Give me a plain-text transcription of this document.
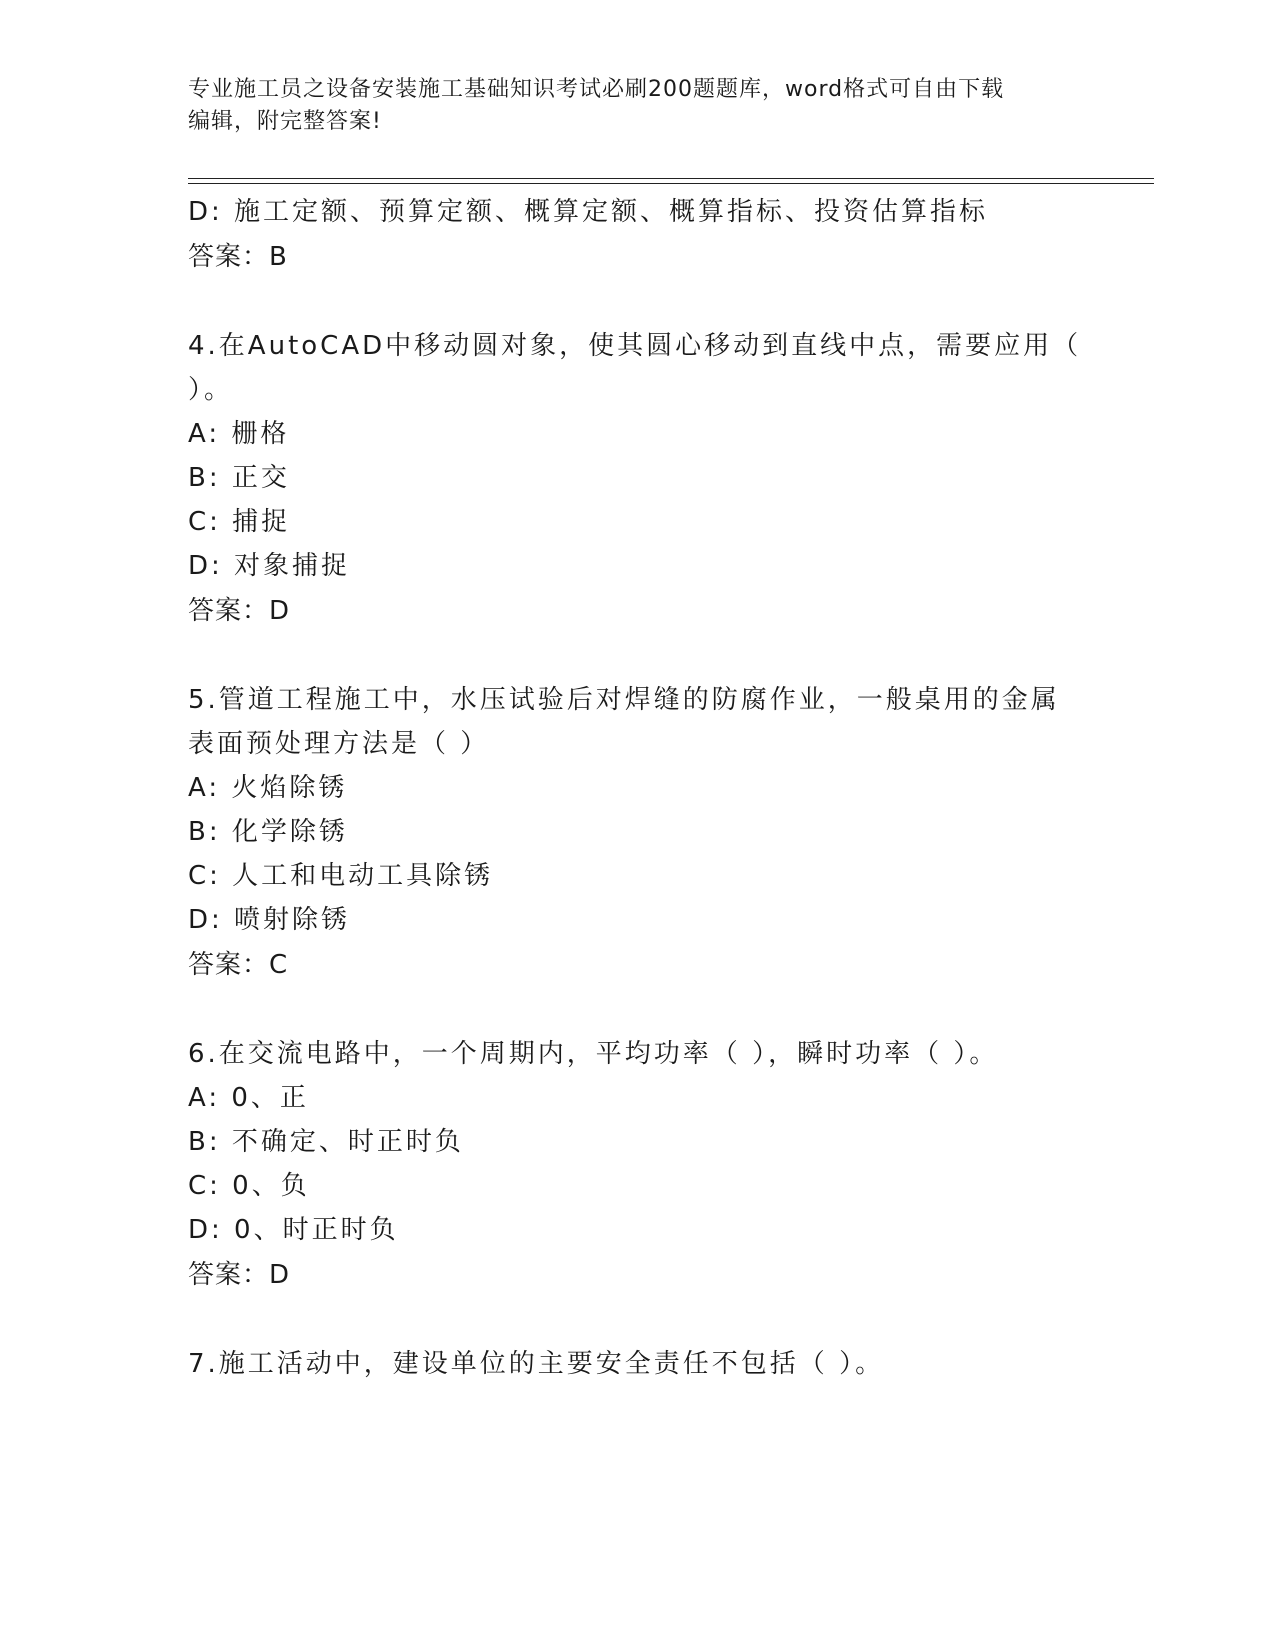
专业施工员之设备安装施工基础知识考试必刷200题题库，word格式可自由下载
编辑，附完整答案!
D: 施工定额、预算定额、概算定额、概算指标、投资估算指标
答案：B
4.在AutoCAD中移动圆对象，使其圆心移动到直线中点，需要应用（
）。
A: 栅格
B: 正交
C: 捕捉
D: 对象捕捉
答案：D
5.管道工程施工中，水压试验后对焊缝的防腐作业，一般桌用的金属
表面预处理方法是（ ）
A: 火焰除锈
B: 化学除锈
C: 人工和电动工具除锈
D: 喷射除锈
答案：C
6.在交流电路中，一个周期内，平均功率（ ），瞬时功率（ ）。
A: 0、正
B: 不确定、时正时负
C: 0、负
D: 0、时正时负
答案：D
7.施工活动中，建设单位的主要安全责任不包括（ ）。
